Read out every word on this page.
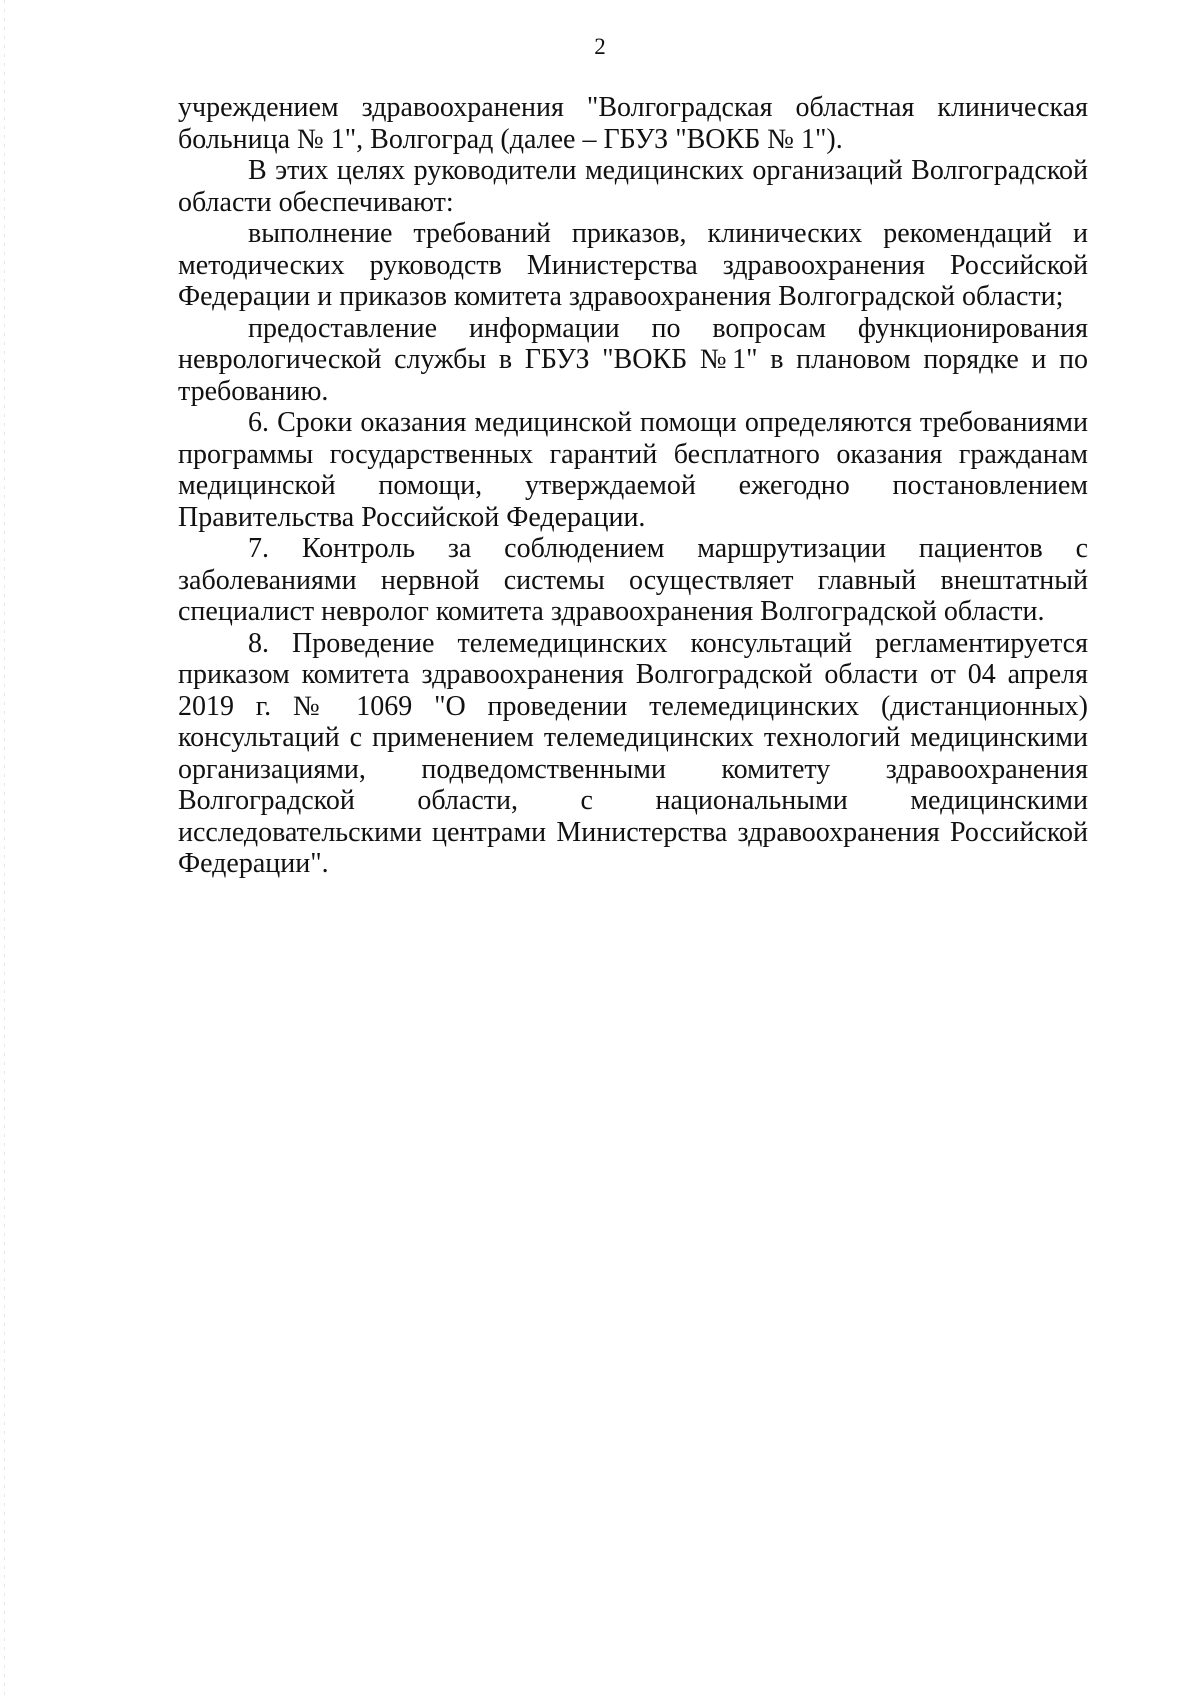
2

учреждением здравоохранения "Волгоградская областная клиническая больница № 1", Волгоград (далее – ГБУЗ "ВОКБ № 1").

В этих целях руководители медицинских организаций Волгоградской области обеспечивают:

выполнение требований приказов, клинических рекомендаций и методических руководств Министерства здравоохранения Российской Федерации и приказов комитета здравоохранения Волгоградской области;

предоставление информации по вопросам функционирования неврологической службы в ГБУЗ "ВОКБ №1" в плановом порядке и по требованию.

6. Сроки оказания медицинской помощи определяются требованиями программы государственных гарантий бесплатного оказания гражданам медицинской помощи, утверждаемой ежегодно постановлением Правительства Российской Федерации.

7. Контроль за соблюдением маршрутизации пациентов с заболеваниями нервной системы осуществляет главный внештатный специалист невролог комитета здравоохранения Волгоградской области.

8. Проведение телемедицинских консультаций регламентируется приказом комитета здравоохранения Волгоградской области от 04 апреля 2019 г. № 1069 "О проведении телемедицинских (дистанционных) консультаций с применением телемедицинских технологий медицинскими организациями, подведомственными комитету здравоохранения Волгоградской области, с национальными медицинскими исследовательскими центрами Министерства здравоохранения Российской Федерации".
